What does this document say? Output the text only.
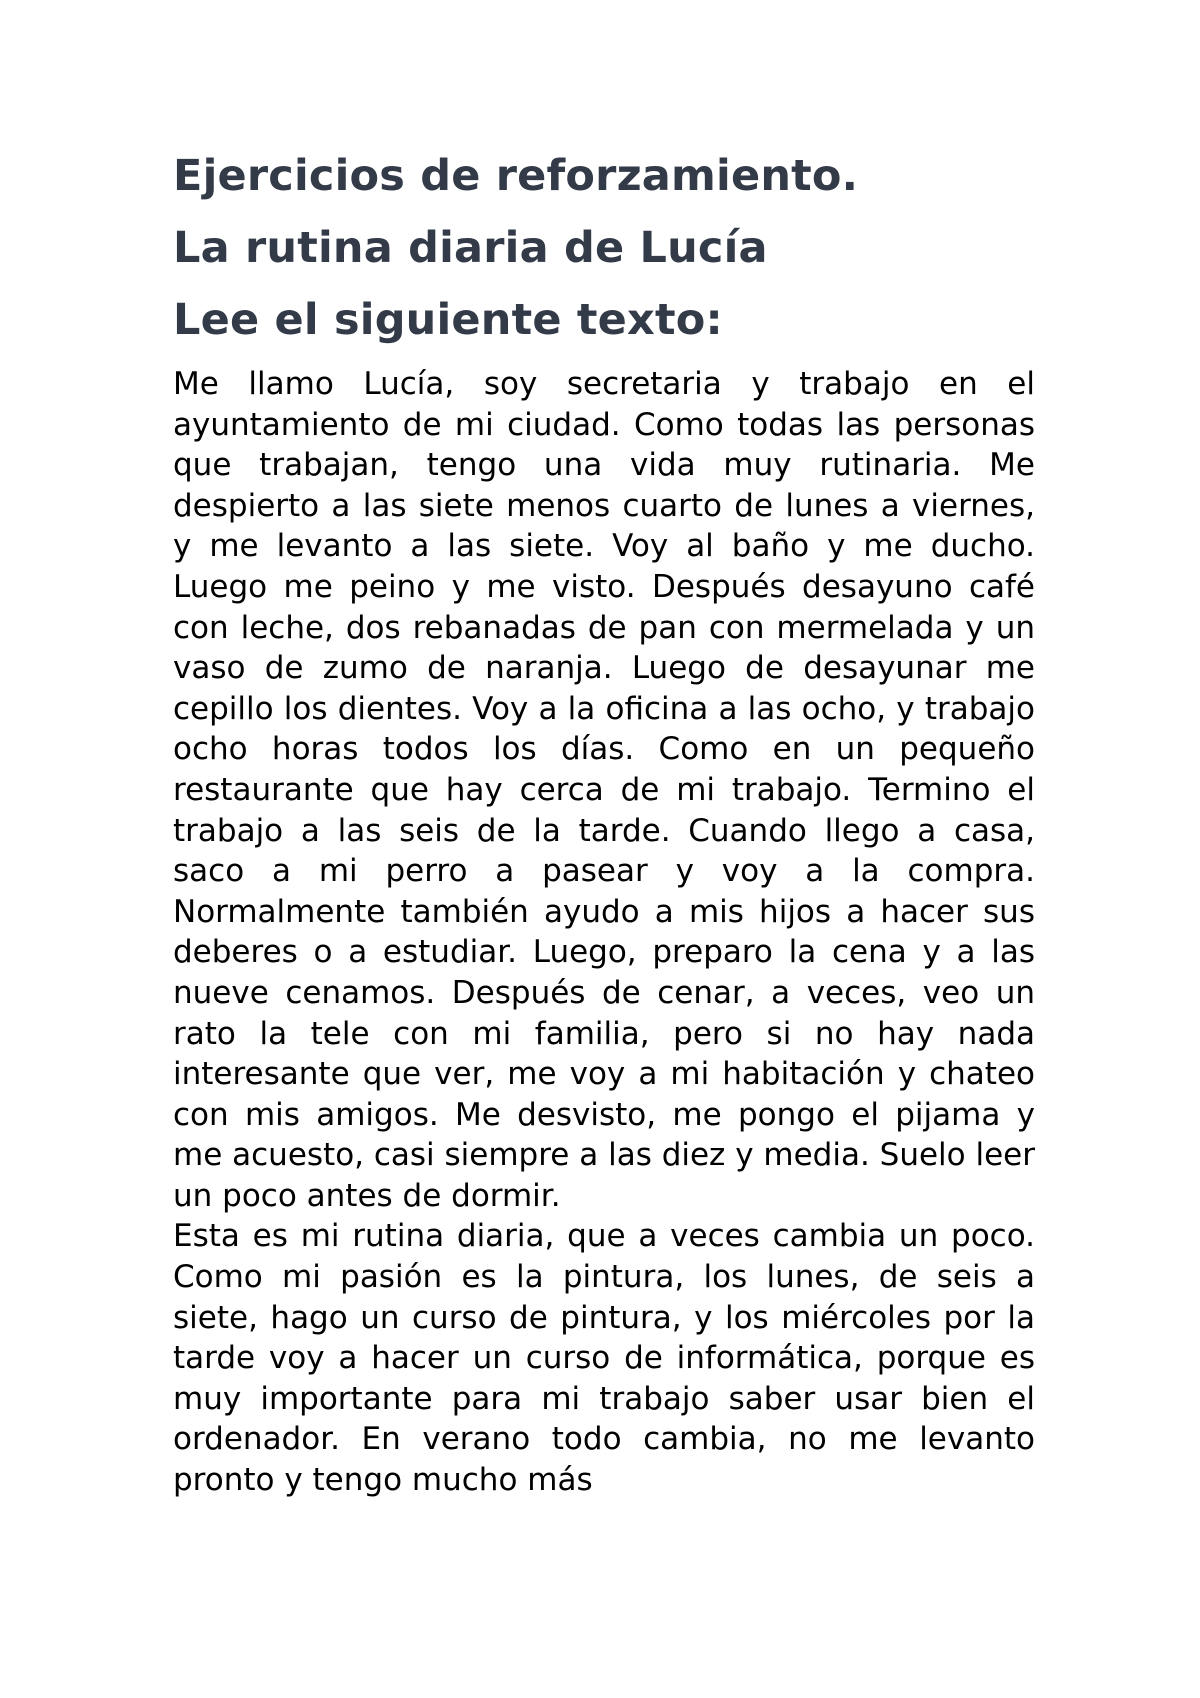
Ejercicios de reforzamiento.
La rutina diaria de Lucía
Lee el siguiente texto:

Me llamo Lucía, soy secretaria y trabajo en el ayuntamiento de mi ciudad. Como todas las personas que trabajan, tengo una vida muy rutinaria. Me despierto a las siete menos cuarto de lunes a viernes, y me levanto a las siete. Voy al baño y me ducho. Luego me peino y me visto. Después desayuno café con leche, dos rebanadas de pan con mermelada y un vaso de zumo de naranja. Luego de desayunar me cepillo los dientes. Voy a la oficina a las ocho, y trabajo ocho horas todos los días. Como en un pequeño restaurante que hay cerca de mi trabajo. Termino el trabajo a las seis de la tarde. Cuando llego a casa, saco a mi perro a pasear y voy a la compra. Normalmente también ayudo a mis hijos a hacer sus deberes o a estudiar. Luego, preparo la cena y a las nueve cenamos. Después de cenar, a veces, veo un rato la tele con mi familia, pero si no hay nada interesante que ver, me voy a mi habitación y chateo con mis amigos. Me desvisto, me pongo el pijama y me acuesto, casi siempre a las diez y media. Suelo leer un poco antes de dormir.

Esta es mi rutina diaria, que a veces cambia un poco. Como mi pasión es la pintura, los lunes, de seis a siete, hago un curso de pintura, y los miércoles por la tarde voy a hacer un curso de informática, porque es muy importante para mi trabajo saber usar bien el ordenador. En verano todo cambia, no me levanto pronto y tengo mucho más
